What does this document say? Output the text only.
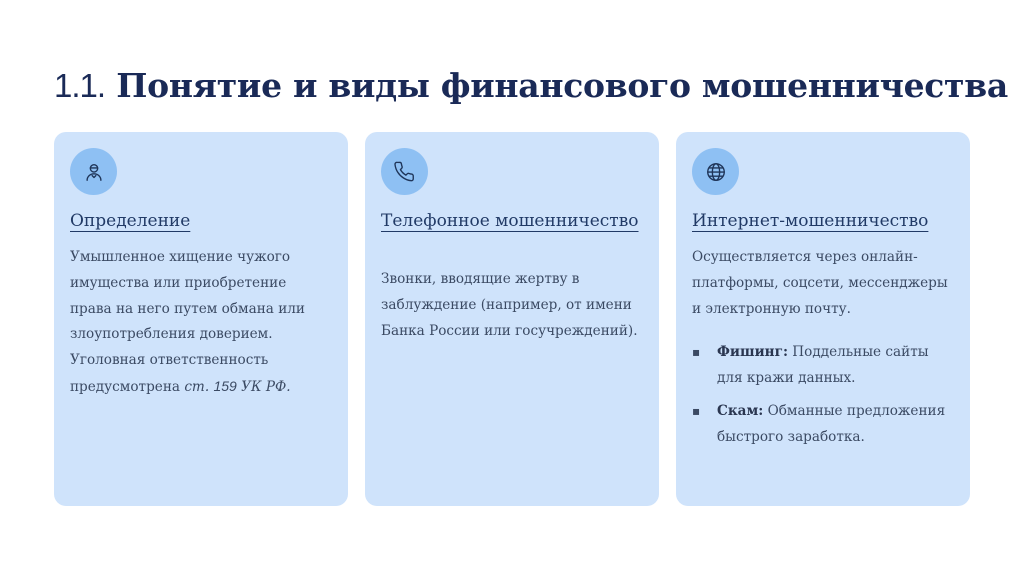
1.1. Понятие и виды финансового мошенничества
Определение

Умышленное хищение чужого имущества или приобретение права на него путем обмана или злоупотребления доверием. Уголовная ответственность предусмотрена ст. 159 УК РФ.

Телефонное мошенничество

Звонки, вводящие жертву в заблуждение (например, от имени Банка России или госучреждений).

Интернет-мошенничество

Осуществляется через онлайн-платформы, соцсети, мессенджеры и электронную почту.

▪ Фишинг: Поддельные сайты для кражи данных.
▪ Скам: Обманные предложения быстрого заработка.
